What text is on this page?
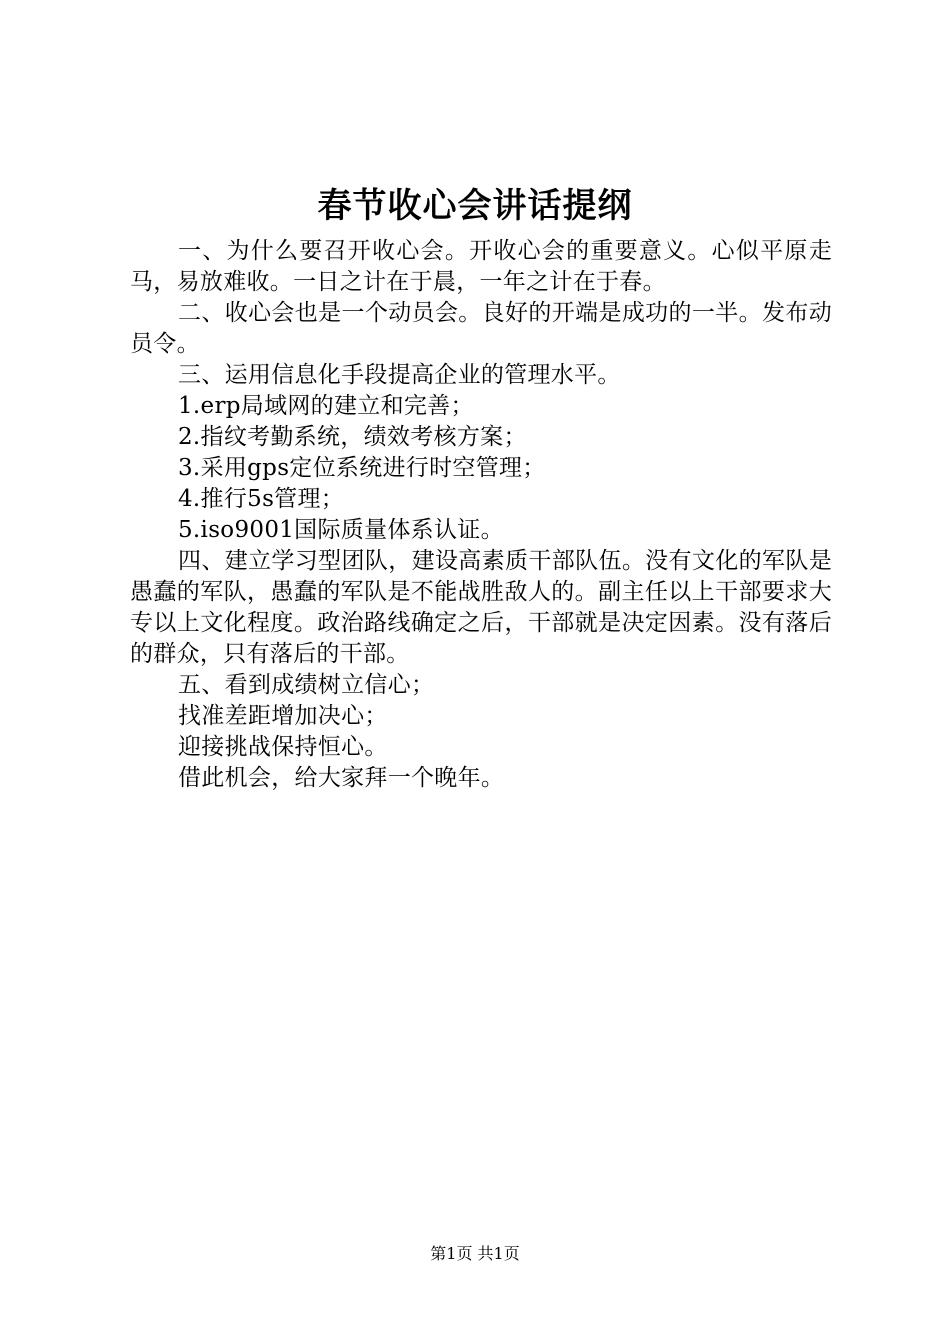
春节收心会讲话提纲

一、为什么要召开收心会。开收心会的重要意义。心似平原走马，易放难收。一日之计在于晨，一年之计在于春。

二、收心会也是一个动员会。良好的开端是成功的一半。发布动员令。

三、运用信息化手段提高企业的管理水平。

1.erp局域网的建立和完善；

2.指纹考勤系统，绩效考核方案；

3.采用gps定位系统进行时空管理；

4.推行5s管理；

5.iso9001国际质量体系认证。

四、建立学习型团队，建设高素质干部队伍。没有文化的军队是愚蠢的军队，愚蠢的军队是不能战胜敌人的。副主任以上干部要求大专以上文化程度。政治路线确定之后，干部就是决定因素。没有落后的群众，只有落后的干部。

五、看到成绩树立信心；

找准差距增加决心；

迎接挑战保持恒心。

借此机会，给大家拜一个晚年。

第1页 共1页
